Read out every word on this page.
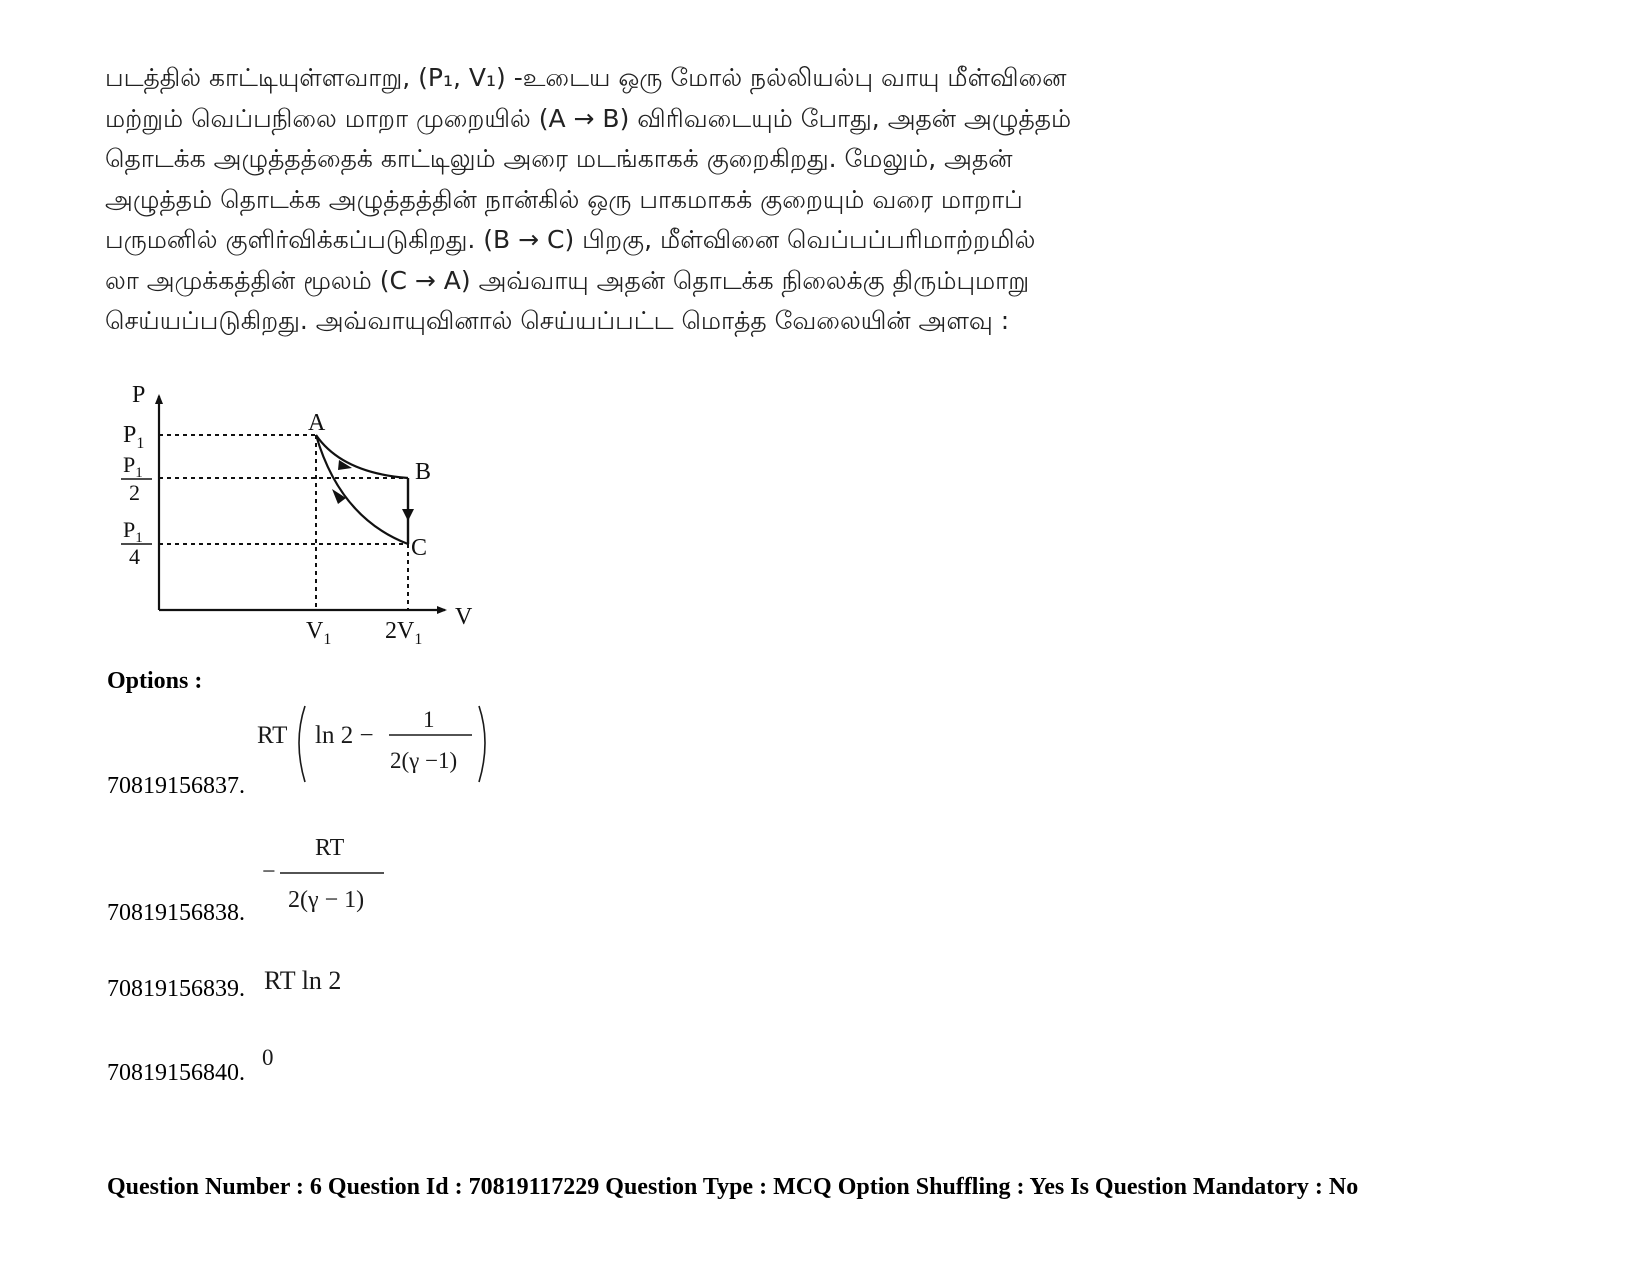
படத்தில் காட்டியுள்ளவாறு, (P₁, V₁) -உடைய ஒரு மோல் நல்லியல்பு வாயு மீள்வினை
மற்றும் வெப்பநிலை மாறா முறையில் (A → B) விரிவடையும் போது, அதன் அழுத்தம்
தொடக்க அழுத்தத்தைக் காட்டிலும் அரை மடங்காகக் குறைகிறது. மேலும், அதன்
அழுத்தம் தொடக்க அழுத்தத்தின் நான்கில் ஒரு பாகமாகக் குறையும் வரை மாறாப்
பருமனில் குளிர்விக்கப்படுகிறது. (B → C) பிறகு, மீள்வினை வெப்பப்பரிமாற்றமில்
லா அமுக்கத்தின் மூலம் (C → A) அவ்வாயு அதன் தொடக்க நிலைக்கு திரும்புமாறு
செய்யப்படுகிறது. அவ்வாயுவினால் செய்யப்பட்ட மொத்த வேலையின் அளவு :
P
V
$P_1$
$P_1$
2
$P_1$
4
$V_1$ $2V_1$
A
B
C
Options :
70819156837.
RT ln 2 −
1
2(γ −1)
70819156838.
−
RT
2(γ − 1)
70819156839. RT ln 2
70819156840.
0
Question Number : 6 Question Id : 70819117229 Question Type : MCQ Option Shuffling : Yes Is Question Mandatory : No
